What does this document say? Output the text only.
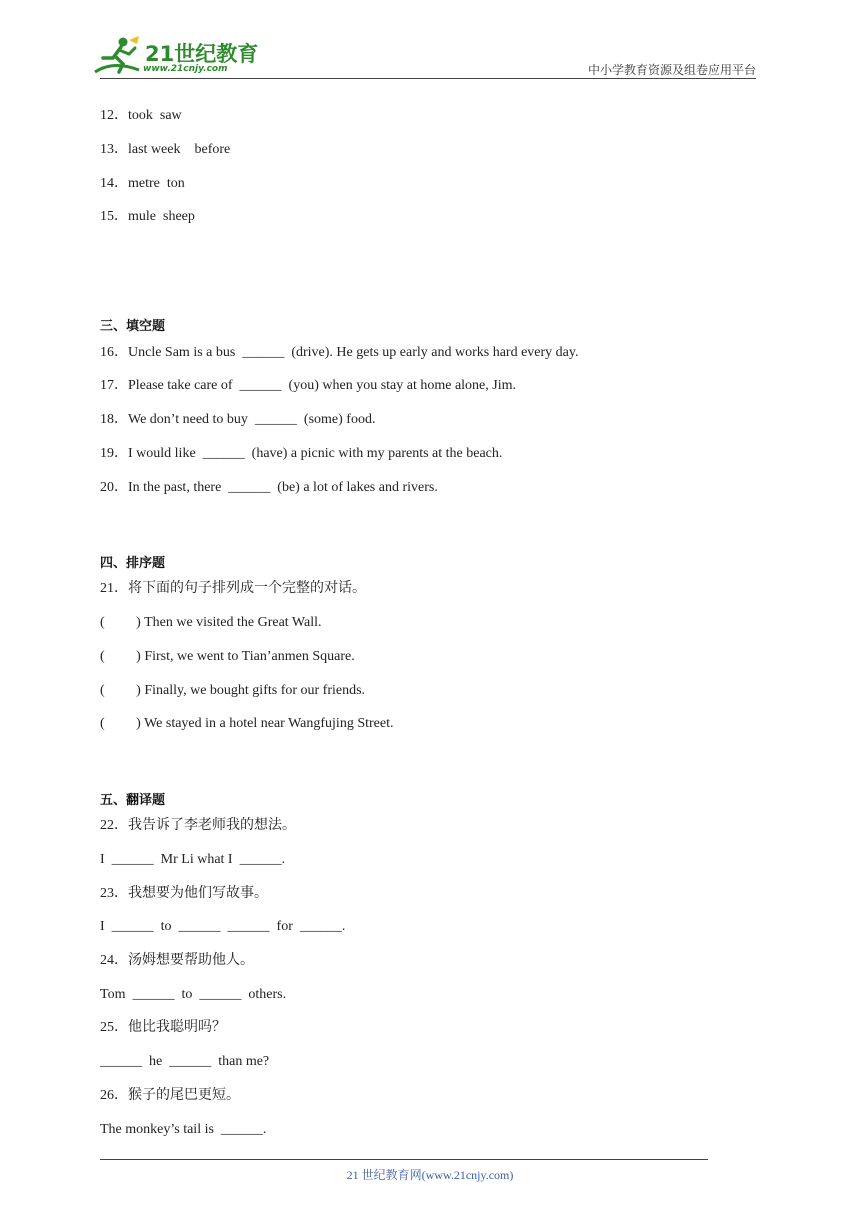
21世纪教育
www.21cnjy.com	中小学教育资源及组卷应用平台
12．took  saw
13．last week    before
14．metre  ton
15．mule  sheep
三、填空题
16．Uncle Sam is a bus  ______  (drive). He gets up early and works hard every day.
17．Please take care of  ______  (you) when you stay at home alone, Jim.
18．We don’t need to buy  ______  (some) food.
19．I would like  ______  (have) a picnic with my parents at the beach.
20．In the past, there  ______  (be) a lot of lakes and rivers.
四、排序题
21．将下面的句子排列成一个完整的对话。
(         ) Then we visited the Great Wall.
(         ) First, we went to Tian’anmen Square.
(         ) Finally, we bought gifts for our friends.
(         ) We stayed in a hotel near Wangfujing Street.
五、翻译题
22．我告诉了李老师我的想法。
I  ______  Mr Li what I  ______.
23．我想要为他们写故事。
I  ______  to  ______  ______  for  ______.
24．汤姆想要帮助他人。
Tom  ______  to  ______  others.
25．他比我聪明吗？
______  he  ______  than me?
26．猴子的尾巴更短。
The monkey’s tail is  ______.
21 世纪教育网(www.21cnjy.com)
